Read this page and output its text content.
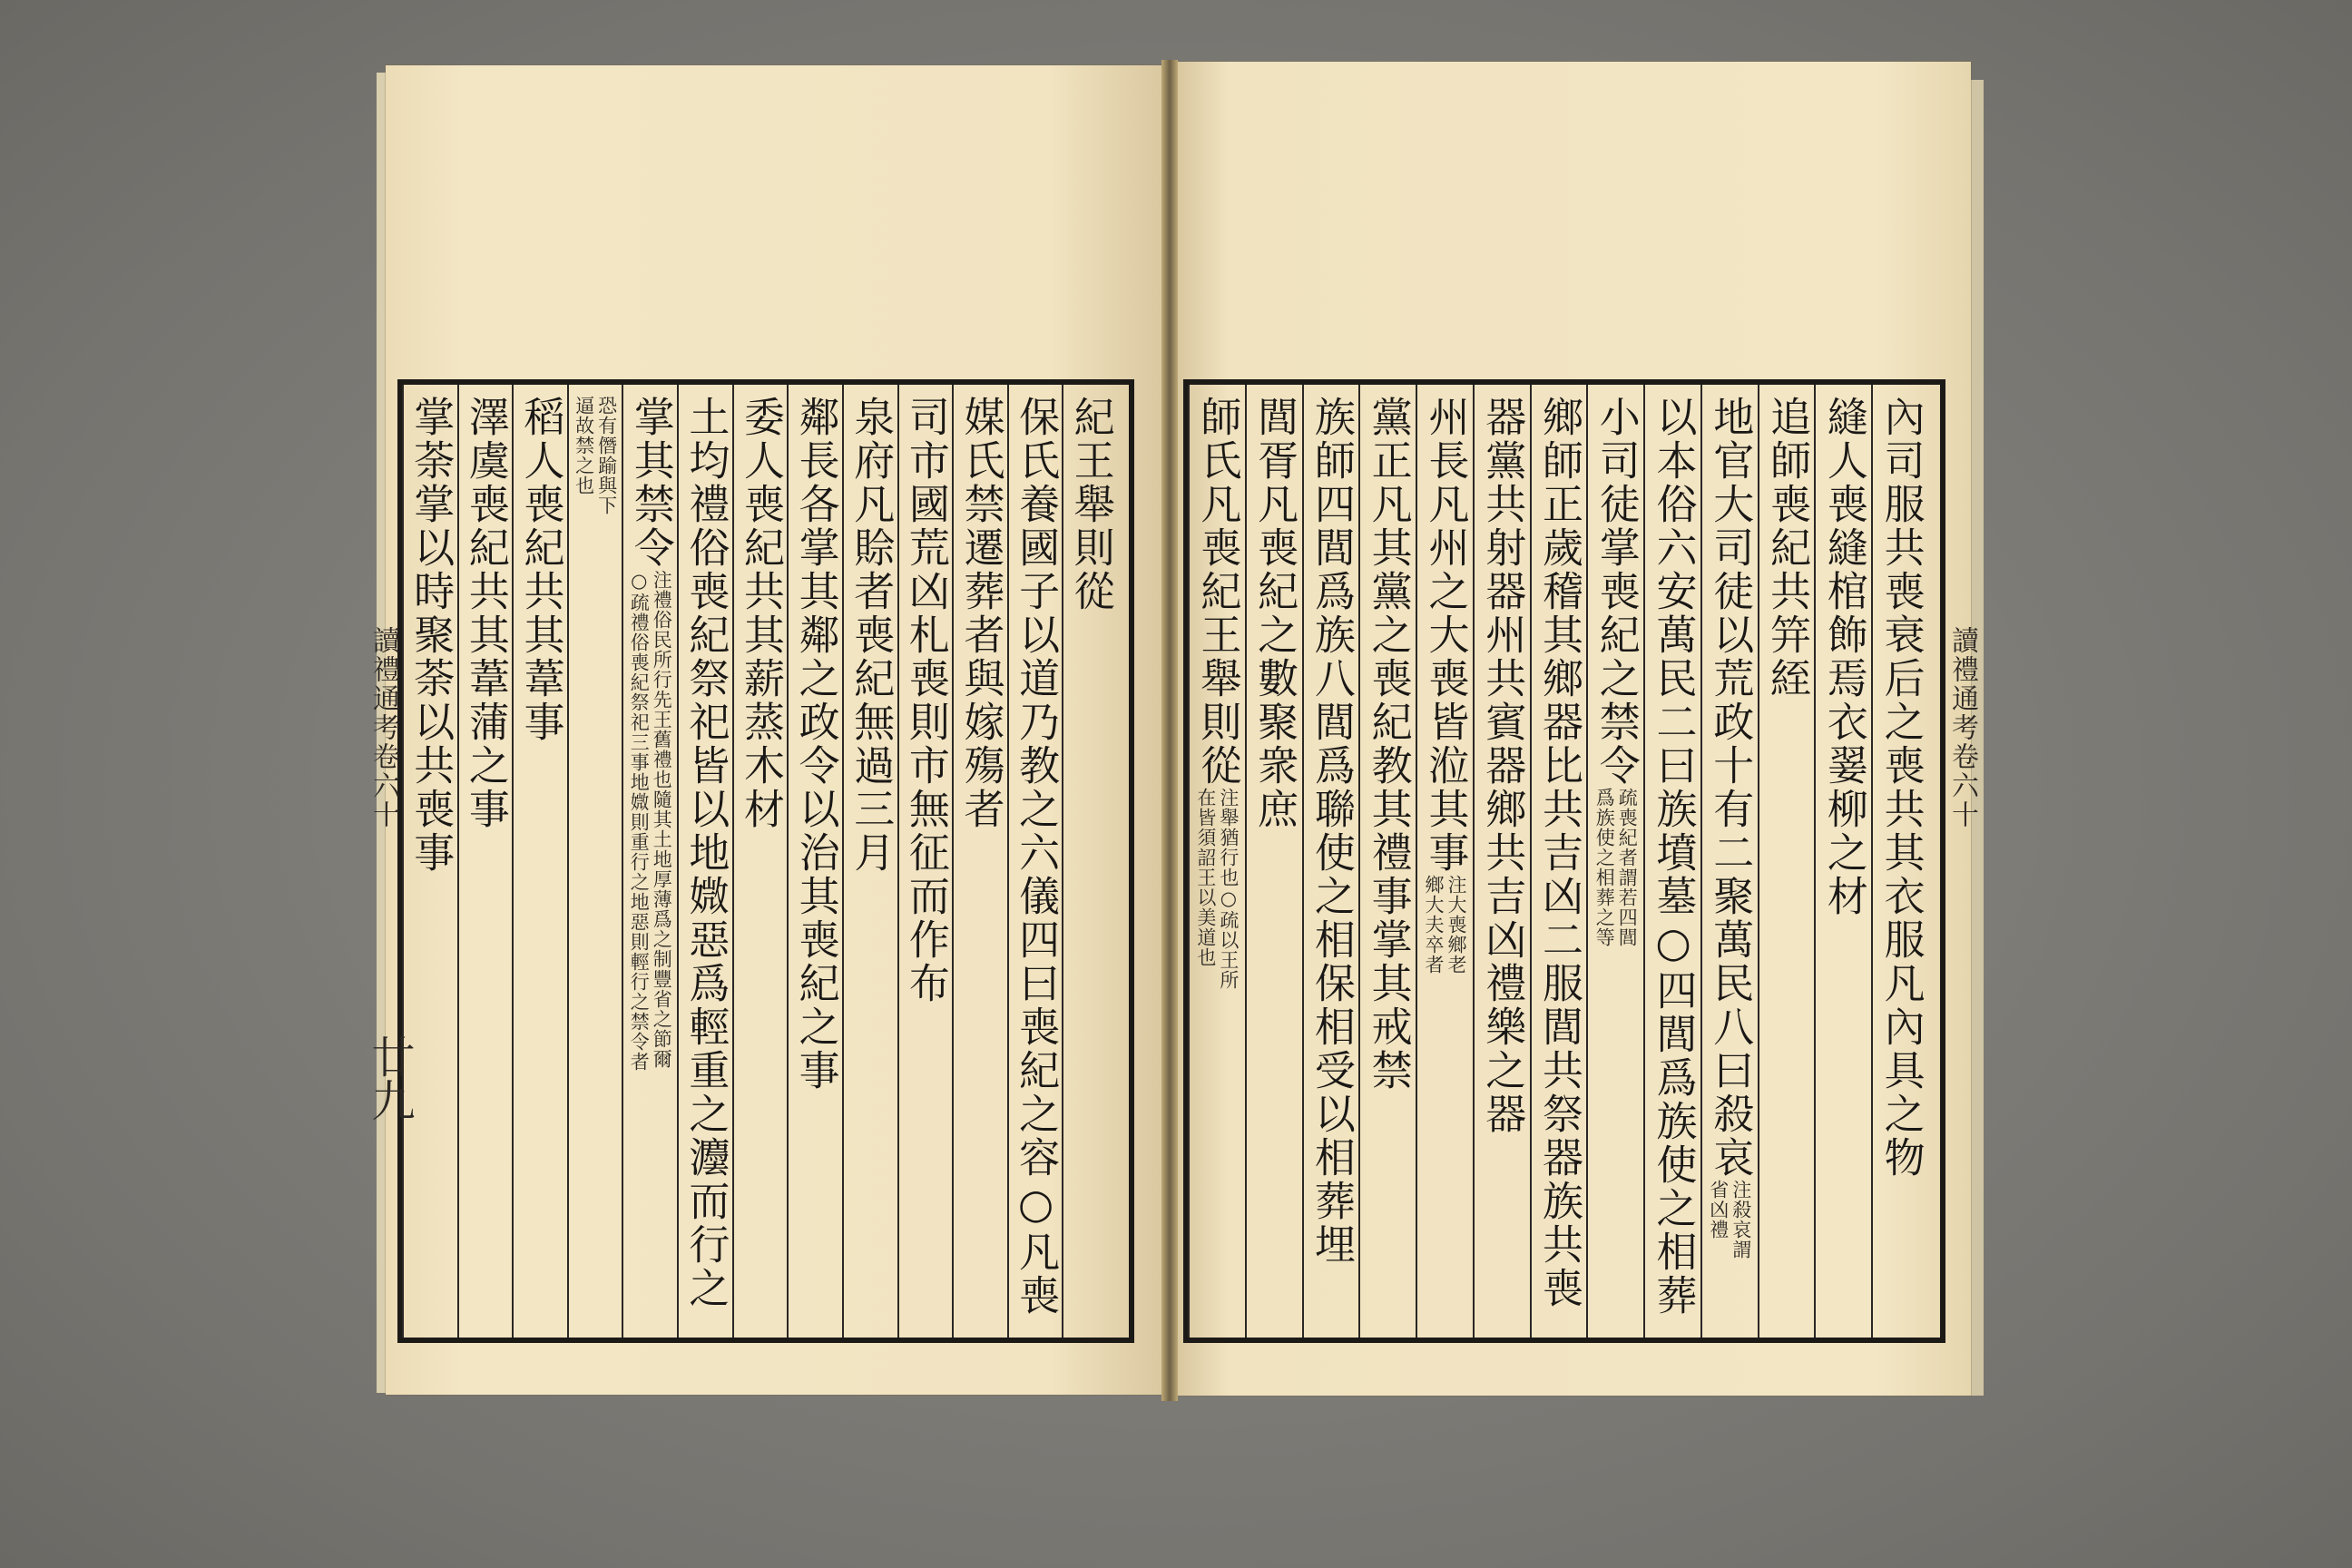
紀王舉則從
保氏養國子以道乃教之六儀四曰喪紀之容○凡喪
媒氏禁遷葬者與嫁殤者
司市國荒凶札喪則市無征而作布
泉府凡賒者喪紀無過三月
鄰長各掌其鄰之政令以治其喪紀之事
委人喪紀共其薪蒸木材
土均禮俗喪紀祭祀皆以地媺惡爲輕重之灋而行之
掌其禁令
注禮俗民所行先王舊禮也隨其土地厚薄爲之制豐省之節爾
○疏禮俗喪紀祭祀三事地媺則重行之地惡則輕行之禁令者
恐有僭踰與下
逼故禁之也
稻人喪紀共其葦事
澤虞喪紀共其葦蒲之事
掌荼掌以時聚荼以共喪事	內司服共喪衰后之喪共其衣服凡內具之物
縫人喪縫棺飾焉衣翣柳之材
追師喪紀共笄絰
地官大司徒以荒政十有二聚萬民八曰殺哀
注殺哀謂
省凶禮
以本俗六安萬民二曰族墳墓○四閭爲族使之相葬
小司徒掌喪紀之禁令
疏喪紀者謂若四閭
爲族使之相葬之等
鄉師正歲稽其鄉器比共吉凶二服閭共祭器族共喪
器黨共射器州共賓器鄉共吉凶禮樂之器
州長凡州之大喪皆涖其事
注大喪鄉老
鄉大夫卒者
黨正凡其黨之喪紀教其禮事掌其戒禁
族師四閭爲族八閭爲聯使之相保相受以相葬埋
閭胥凡喪紀之數聚衆庶
師氏凡喪紀王舉則從
注舉猶行也○疏以王所
在皆須詔王以美道也
讀禮通考卷六十
廿九
讀禮通考卷六十
